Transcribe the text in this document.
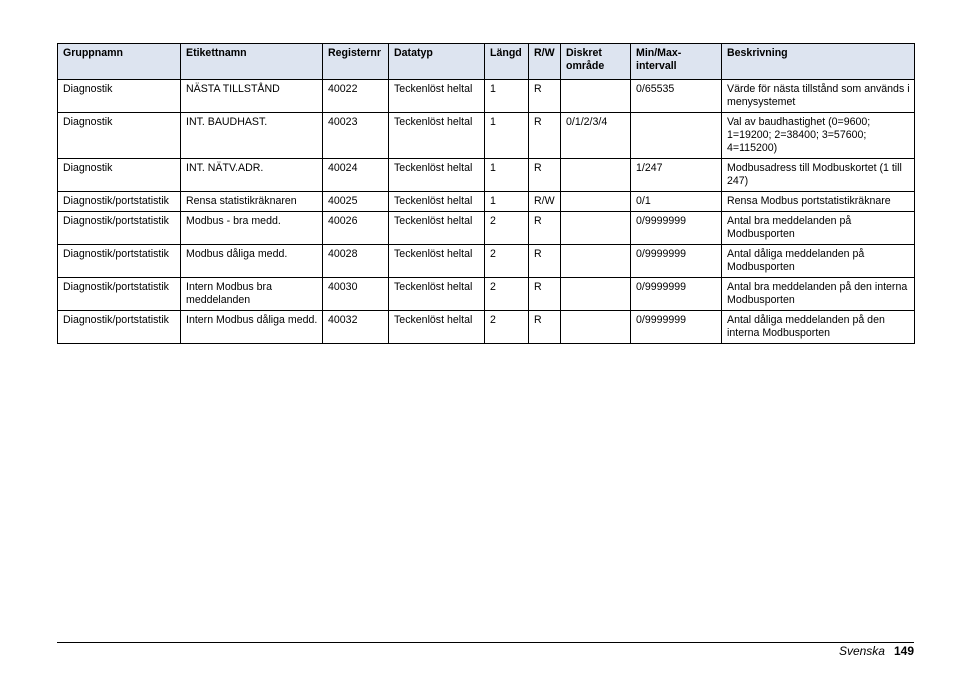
Gruppnamn	Etikettnamn	Registernr	Datatyp	Längd	R/W	Diskret område	Min/Max-intervall	Beskrivning
Diagnostik	NÄSTA TILLSTÅND	40022	Teckenlöst heltal	1	R		0/65535	Värde för nästa tillstånd som används i menysystemet
Diagnostik	INT. BAUDHAST.	40023	Teckenlöst heltal	1	R	0/1/2/3/4		Val av baudhastighet (0=9600; 1=19200; 2=38400; 3=57600; 4=115200)
Diagnostik	INT. NÄTV.ADR.	40024	Teckenlöst heltal	1	R		1/247	Modbusadress till Modbuskortet (1 till 247)
Diagnostik/portstatistik	Rensa statistikräknaren	40025	Teckenlöst heltal	1	R/W		0/1	Rensa Modbus portstatistikräknare
Diagnostik/portstatistik	Modbus - bra medd.	40026	Teckenlöst heltal	2	R		0/9999999	Antal bra meddelanden på Modbusporten
Diagnostik/portstatistik	Modbus dåliga medd.	40028	Teckenlöst heltal	2	R		0/9999999	Antal dåliga meddelanden på Modbusporten
Diagnostik/portstatistik	Intern Modbus bra meddelanden	40030	Teckenlöst heltal	2	R		0/9999999	Antal bra meddelanden på den interna Modbusporten
Diagnostik/portstatistik	Intern Modbus dåliga medd.	40032	Teckenlöst heltal	2	R		0/9999999	Antal dåliga meddelanden på den interna Modbusporten
Svenska 149
